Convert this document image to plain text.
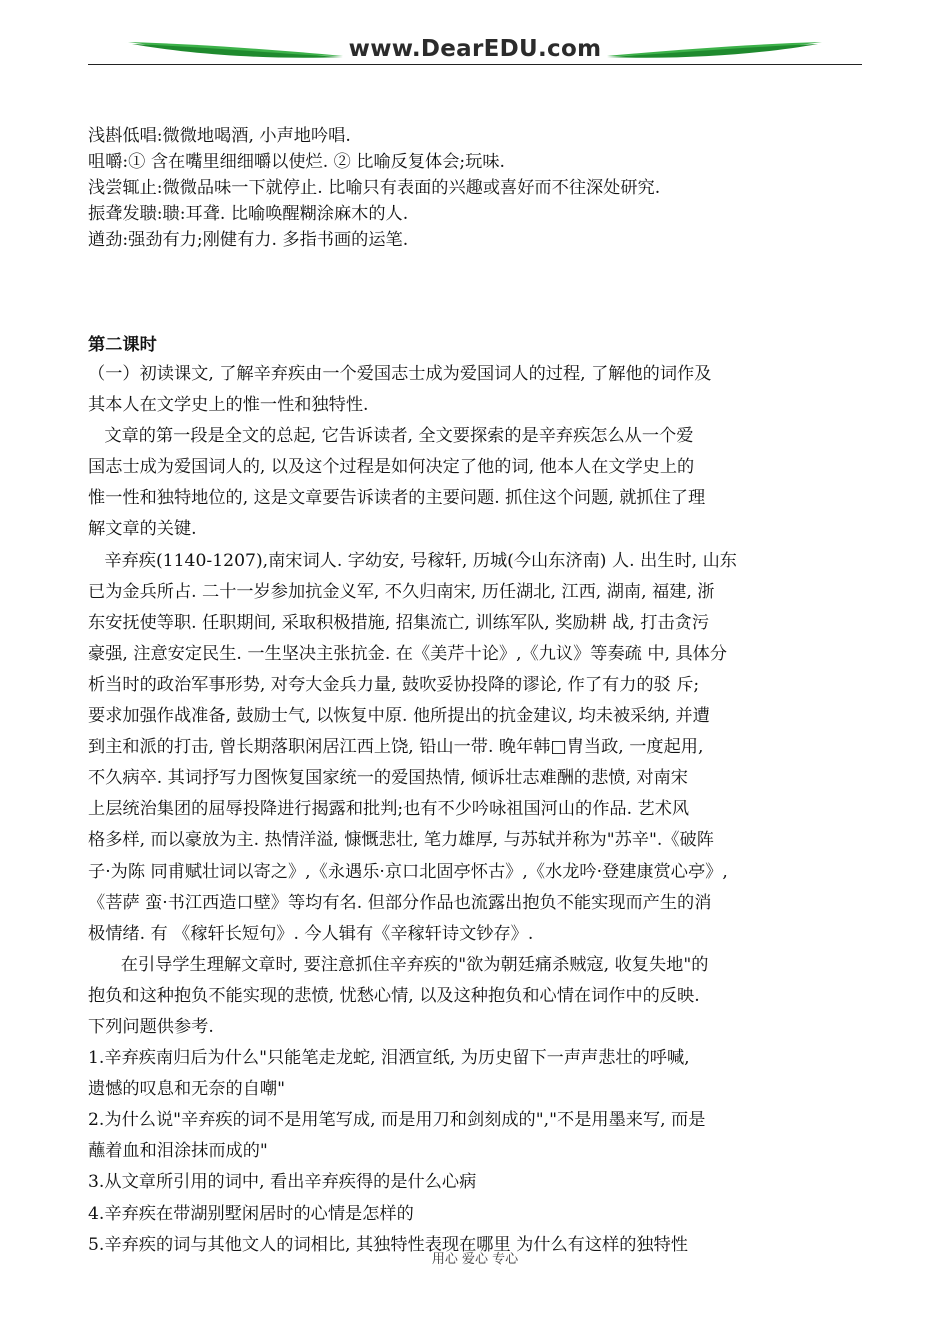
www.DearEDU.com
浅斟低唱:微微地喝酒, 小声地吟唱.
咀嚼:① 含在嘴里细细嚼以使烂. ② 比喻反复体会;玩味.
浅尝辄止:微微品味一下就停止. 比喻只有表面的兴趣或喜好而不往深处研究.
振聋发聩:聩:耳聋. 比喻唤醒糊涂麻木的人.
遒劲:强劲有力;刚健有力. 多指书画的运笔.
第二课时
（一）初读课文, 了解辛弃疾由一个爱国志士成为爱国词人的过程, 了解他的词作及
其本人在文学史上的惟一性和独特性.
文章的第一段是全文的总起, 它告诉读者, 全文要探索的是辛弃疾怎么从一个爱
国志士成为爱国词人的, 以及这个过程是如何决定了他的词, 他本人在文学史上的
惟一性和独特地位的, 这是文章要告诉读者的主要问题. 抓住这个问题, 就抓住了理
解文章的关键.
辛弃疾(1140-1207),南宋词人. 字幼安, 号稼轩, 历城(今山东济南) 人. 出生时, 山东
已为金兵所占. 二十一岁参加抗金义军, 不久归南宋, 历任湖北, 江西, 湖南, 福建, 浙
东安抚使等职. 任职期间, 采取积极措施, 招集流亡, 训练军队, 奖励耕 战, 打击贪污
豪强, 注意安定民生. 一生坚决主张抗金. 在《美芹十论》,《九议》等奏疏 中, 具体分
析当时的政治军事形势, 对夸大金兵力量, 鼓吹妥协投降的谬论, 作了有力的驳 斥;
要求加强作战准备, 鼓励士气, 以恢复中原. 他所提出的抗金建议, 均未被采纳, 并遭
到主和派的打击, 曾长期落职闲居江西上饶, 铅山一带. 晚年韩□胄当政, 一度起用,
不久病卒. 其词抒写力图恢复国家统一的爱国热情, 倾诉壮志难酬的悲愤, 对南宋
上层统治集团的屈辱投降进行揭露和批判;也有不少吟咏祖国河山的作品. 艺术风
格多样, 而以豪放为主. 热情洋溢, 慷慨悲壮, 笔力雄厚, 与苏轼并称为"苏辛".《破阵
子·为陈 同甫赋壮词以寄之》,《永遇乐·京口北固亭怀古》,《水龙吟·登建康赏心亭》,
《菩萨 蛮·书江西造口壁》等均有名. 但部分作品也流露出抱负不能实现而产生的消
极情绪. 有 《稼轩长短句》. 今人辑有《辛稼轩诗文钞存》.
在引导学生理解文章时, 要注意抓住辛弃疾的"欲为朝廷痛杀贼寇, 收复失地"的
抱负和这种抱负不能实现的悲愤, 忧愁心情, 以及这种抱负和心情在词作中的反映.
下列问题供参考.
1.辛弃疾南归后为什么"只能笔走龙蛇, 泪洒宣纸, 为历史留下一声声悲壮的呼喊,
遗憾的叹息和无奈的自嘲"
2.为什么说"辛弃疾的词不是用笔写成, 而是用刀和剑刻成的","不是用墨来写, 而是
蘸着血和泪涂抹而成的"
3.从文章所引用的词中, 看出辛弃疾得的是什么心病
4.辛弃疾在带湖别墅闲居时的心情是怎样的
5.辛弃疾的词与其他文人的词相比, 其独特性表现在哪里 为什么有这样的独特性
用心 爱心 专心
